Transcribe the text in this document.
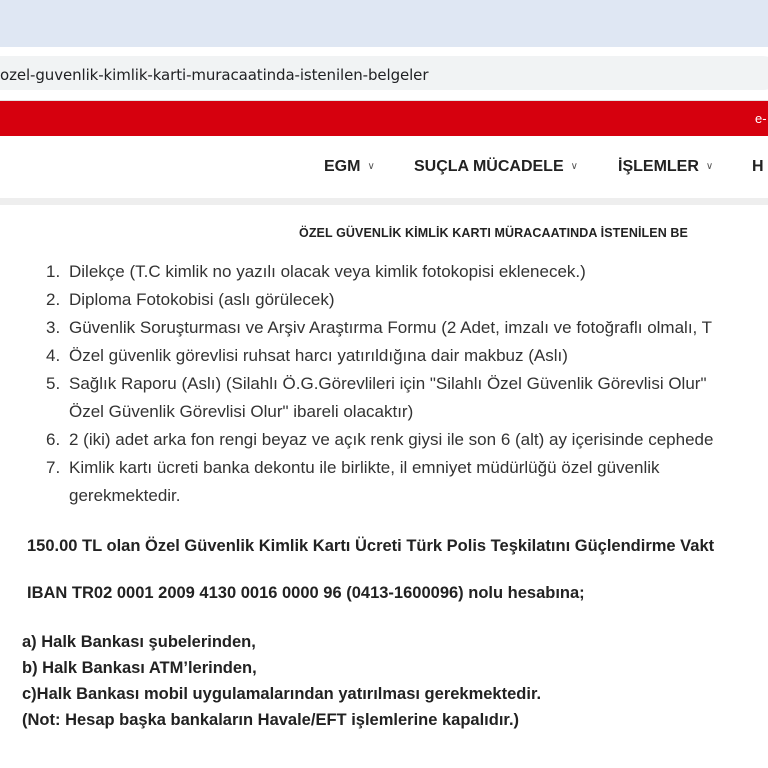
ozel-guvenlik-kimlik-karti-muracaatinda-istenilen-belgeler
e-
EGM ∨ SUÇLA MÜCADELE ∨	İŞLEMLER ∨ H
ÖZEL GÜVENLİK KİMLİK KARTI MÜRACAATINDA İSTENİLEN BE
1. Dilekçe (T.C kimlik no yazılı olacak veya kimlik fotokopisi eklenecek.)
2. Diploma Fotokobisi (aslı görülecek)
3. Güvenlik Soruşturması ve Arşiv Araştırma Formu (2 Adet, imzalı ve fotoğraflı olmalı, T
4. Özel güvenlik görevlisi ruhsat harcı yatırıldığına dair makbuz (Aslı)
5. Sağlık Raporu (Aslı) (Silahlı Ö.G.Görevlileri için "Silahlı Özel Güvenlik Görevlisi Olur"
Özel Güvenlik Görevlisi Olur" ibareli olacaktır)
6. 2 (iki) adet arka fon rengi beyaz ve açık renk giysi ile son 6 (alt) ay içerisinde cephede
7. Kimlik kartı ücreti banka dekontu ile birlikte, il emniyet müdürlüğü özel güvenlik
gerekmektedir.
150.00 TL olan Özel Güvenlik Kimlik Kartı Ücreti Türk Polis Teşkilatını Güçlendirme Vakt
IBAN TR02 0001 2009 4130 0016 0000 96 (0413-1600096) nolu hesabına;
a) Halk Bankası şubelerinden,
b) Halk Bankası ATM’lerinden,
c)Halk Bankası mobil uygulamalarından yatırılması gerekmektedir.
(Not: Hesap başka bankaların Havale/EFT işlemlerine kapalıdır.)
